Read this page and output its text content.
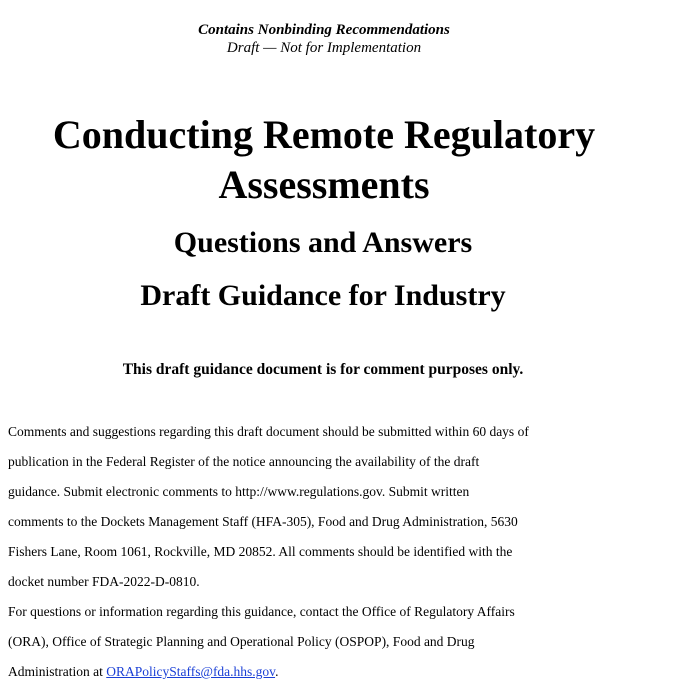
Contains Nonbinding Recommendations
Draft — Not for Implementation
Conducting Remote Regulatory
Assessments
Questions and Answers
Draft Guidance for Industry
This draft guidance document is for comment purposes only.
Comments and suggestions regarding this draft document should be submitted within 60 days of
publication in the Federal Register of the notice announcing the availability of the draft
guidance. Submit electronic comments to http://www.regulations.gov. Submit written
comments to the Dockets Management Staff (HFA-305), Food and Drug Administration, 5630
Fishers Lane, Room 1061, Rockville, MD 20852. All comments should be identified with the
docket number FDA-2022-D-0810.
For questions or information regarding this guidance, contact the Office of Regulatory Affairs
(ORA), Office of Strategic Planning and Operational Policy (OSPOP), Food and Drug
Administration at ORAPolicyStaffs@fda.hhs.gov.
